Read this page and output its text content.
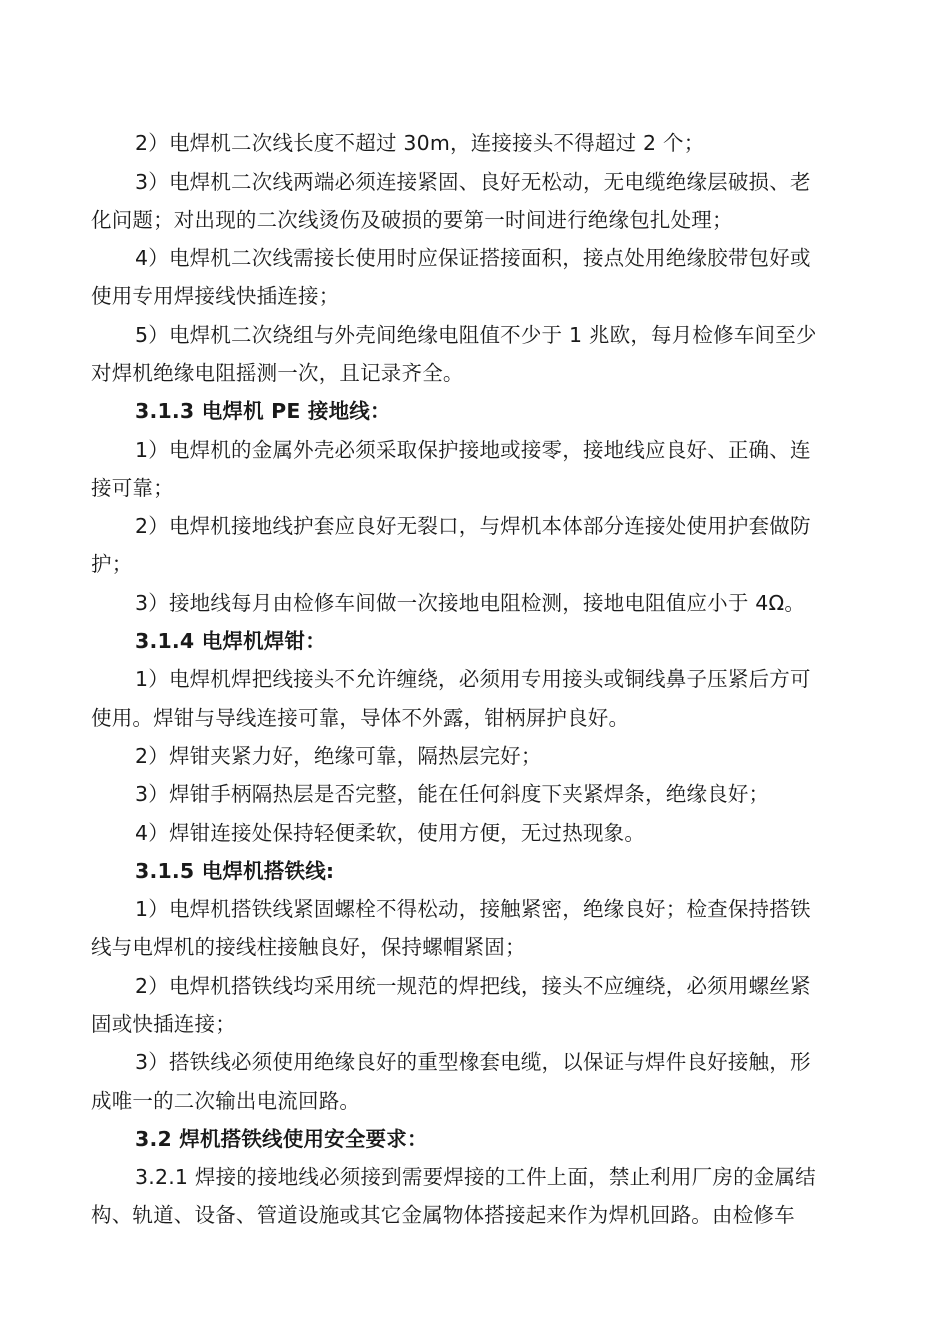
2）电焊机二次线长度不超过 30m，连接接头不得超过 2 个；
3）电焊机二次线两端必须连接紧固、良好无松动，无电缆绝缘层破损、老
化问题；对出现的二次线烫伤及破损的要第一时间进行绝缘包扎处理；
4）电焊机二次线需接长使用时应保证搭接面积，接点处用绝缘胶带包好或
使用专用焊接线快插连接；
5）电焊机二次绕组与外壳间绝缘电阻值不少于 1 兆欧，每月检修车间至少
对焊机绝缘电阻摇测一次，且记录齐全。
3.1.3 电焊机 PE 接地线：
1）电焊机的金属外壳必须采取保护接地或接零，接地线应良好、正确、连
接可靠；
2）电焊机接地线护套应良好无裂口，与焊机本体部分连接处使用护套做防
护；
3）接地线每月由检修车间做一次接地电阻检测，接地电阻值应小于 4Ω。
3.1.4 电焊机焊钳：
1）电焊机焊把线接头不允许缠绕，必须用专用接头或铜线鼻子压紧后方可
使用。焊钳与导线连接可靠，导体不外露，钳柄屏护良好。
2）焊钳夹紧力好，绝缘可靠，隔热层完好；
3）焊钳手柄隔热层是否完整，能在任何斜度下夹紧焊条，绝缘良好；
4）焊钳连接处保持轻便柔软，使用方便，无过热现象。
3.1.5 电焊机搭铁线:
1）电焊机搭铁线紧固螺栓不得松动，接触紧密，绝缘良好；检查保持搭铁
线与电焊机的接线柱接触良好，保持螺帽紧固；
2）电焊机搭铁线均采用统一规范的焊把线，接头不应缠绕，必须用螺丝紧
固或快插连接；
3）搭铁线必须使用绝缘良好的重型橡套电缆，以保证与焊件良好接触，形
成唯一的二次输出电流回路。
3.2 焊机搭铁线使用安全要求：
3.2.1 焊接的接地线必须接到需要焊接的工件上面，禁止利用厂房的金属结
构、轨道、设备、管道设施或其它金属物体搭接起来作为焊机回路。由检修车
